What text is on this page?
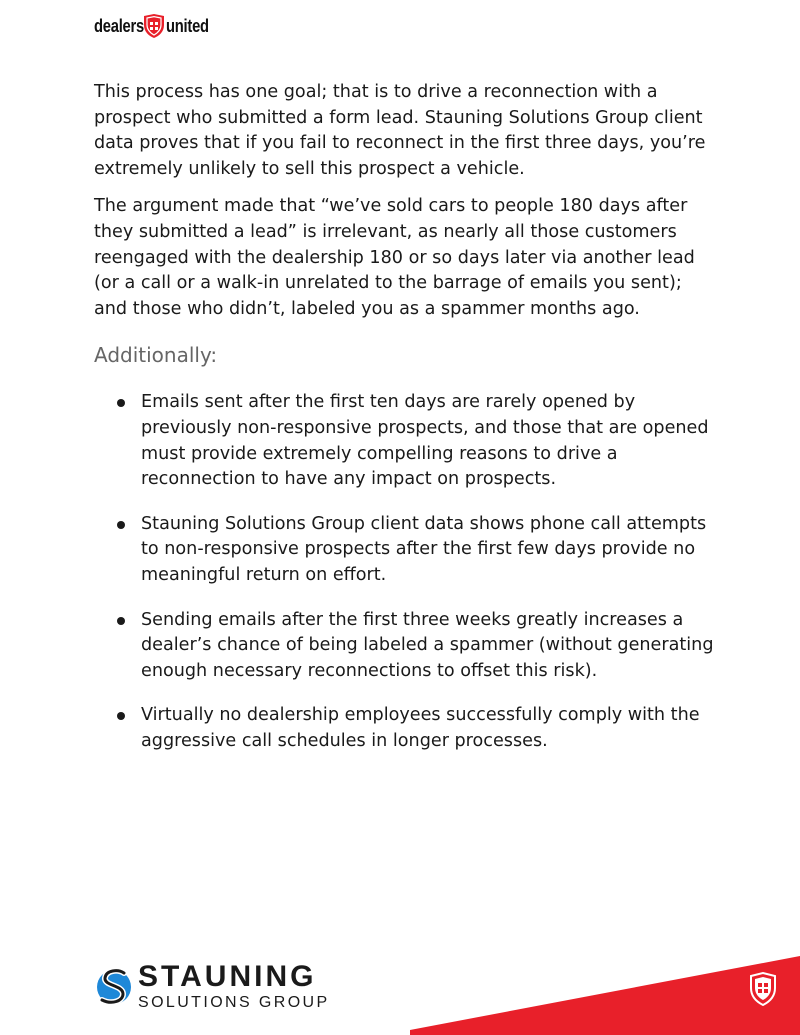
dealers united

This process has one goal; that is to drive a reconnection with a prospect who submitted a form lead. Stauning Solutions Group client data proves that if you fail to reconnect in the first three days, you’re extremely unlikely to sell this prospect a vehicle.

The argument made that “we’ve sold cars to people 180 days after they submitted a lead” is irrelevant, as nearly all those customers reengaged with the dealership 180 or so days later via another lead (or a call or a walk-in unrelated to the barrage of emails you sent); and those who didn’t, labeled you as a spammer months ago.

Additionally:
Emails sent after the first ten days are rarely opened by previously non-responsive prospects, and those that are opened must provide extremely compelling reasons to drive a reconnection to have any impact on prospects.
Stauning Solutions Group client data shows phone call attempts to non-responsive prospects after the first few days provide no meaningful return on effort.
Sending emails after the first three weeks greatly increases a dealer’s chance of being labeled a spammer (without generating enough necessary reconnections to offset this risk).
Virtually no dealership employees successfully comply with the aggressive call schedules in longer processes.
STAUNING
SOLUTIONS GROUP
